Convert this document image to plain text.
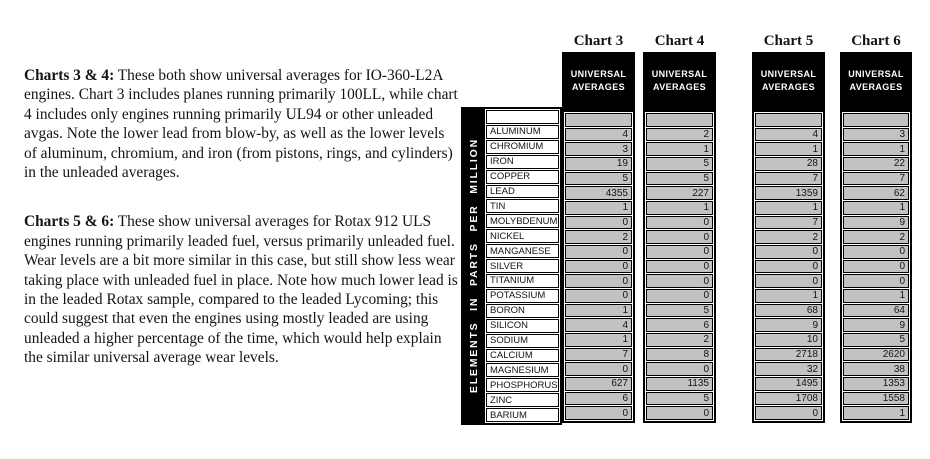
Charts 3 & 4: These both show universal averages for IO-360-L2A engines. Chart 3 includes planes running primarily 100LL, while chart 4 includes only engines running primarily UL94 or other unleaded avgas. Note the lower lead from blow-by, as well as the lower levels of aluminum, chromium, and iron (from pistons, rings, and cylinders) in the unleaded averages.

Charts 5 & 6: These show universal averages for Rotax 912 ULS engines running primarily leaded fuel, versus primarily unleaded fuel. Wear levels are a bit more similar in this case, but still show less wear taking place with unleaded fuel in place. Note how much lower lead is in the leaded Rotax sample, compared to the leaded Lycoming; this could suggest that even the engines using mostly leaded are using unleaded a higher percentage of the time, which would help explain the similar universal average wear levels.	ELEMENTS IN PARTS PER MILLION
ALUMINUM
CHROMIUM
IRON
COPPER
LEAD
TIN
MOLYBDENUM
NICKEL
MANGANESE
SILVER
TITANIUM
POTASSIUM
BORON
SILICON
SODIUM
CALCIUM
MAGNESIUM
PHOSPHORUS
ZINC
BARIUM
Chart 3
UNIVERSAL AVERAGES
4
3
19
5
4355
1
0
2
0
0
0
0
1
4
1
7
0
627
6
0
Chart 4
UNIVERSAL AVERAGES
2
1
5
5
227
1
0
0
0
0
0
0
5
6
2
8
0
1135
5
0
Chart 5
UNIVERSAL AVERAGES
4
1
28
7
1359
1
7
2
0
0
0
1
68
9
10
2718
32
1495
1708
0
Chart 6
UNIVERSAL AVERAGES
3
1
22
7
62
1
9
2
0
0
0
1
64
9
5
2620
38
1353
1558
1
